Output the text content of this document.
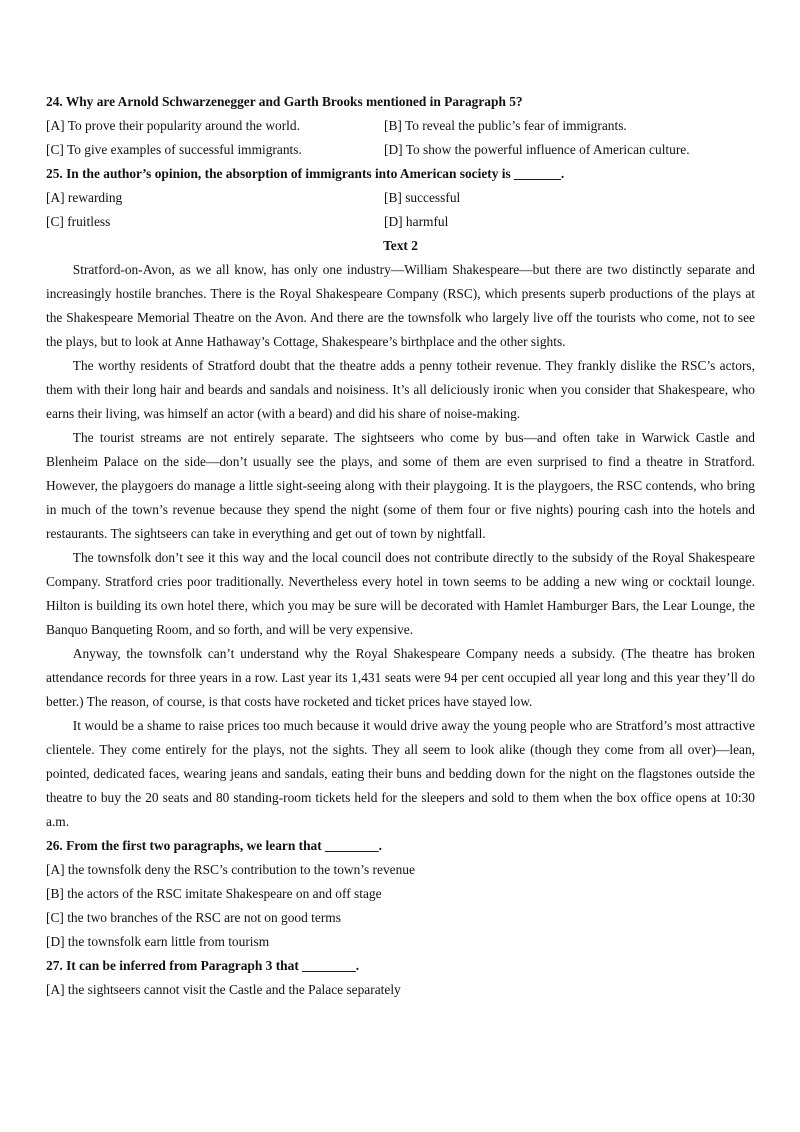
24. Why are Arnold Schwarzenegger and Garth Brooks mentioned in Paragraph 5?
[A] To prove their popularity around the world.	[B] To reveal the public’s fear of immigrants.
[C] To give examples of successful immigrants.	[D] To show the powerful influence of American culture.
25. In the author’s opinion, the absorption of immigrants into American society is _______.
[A] rewarding	[B] successful
[C] fruitless	[D] harmful
Text 2
Stratford-on-Avon, as we all know, has only one industry—William Shakespeare—but there are two distinctly separate and increasingly hostile branches. There is the Royal Shakespeare Company (RSC), which presents superb productions of the plays at the Shakespeare Memorial Theatre on the Avon. And there are the townsfolk who largely live off the tourists who come, not to see the plays, but to look at Anne Hathaway’s Cottage, Shakespeare’s birthplace and the other sights.
The worthy residents of Stratford doubt that the theatre adds a penny totheir revenue. They frankly dislike the RSC’s actors, them with their long hair and beards and sandals and noisiness. It’s all deliciously ironic when you consider that Shakespeare, who earns their living, was himself an actor (with a beard) and did his share of noise-making.
The tourist streams are not entirely separate. The sightseers who come by bus—and often take in Warwick Castle and Blenheim Palace on the side—don’t usually see the plays, and some of them are even surprised to find a theatre in Stratford. However, the playgoers do manage a little sight-seeing along with their playgoing. It is the playgoers, the RSC contends, who bring in much of the town’s revenue because they spend the night (some of them four or five nights) pouring cash into the hotels and restaurants. The sightseers can take in everything and get out of town by nightfall.
The townsfolk don’t see it this way and the local council does not contribute directly to the subsidy of the Royal Shakespeare Company. Stratford cries poor traditionally. Nevertheless every hotel in town seems to be adding a new wing or cocktail lounge. Hilton is building its own hotel there, which you may be sure will be decorated with Hamlet Hamburger Bars, the Lear Lounge, the Banquo Banqueting Room, and so forth, and will be very expensive.
Anyway, the townsfolk can’t understand why the Royal Shakespeare Company needs a subsidy. (The theatre has broken attendance records for three years in a row. Last year its 1,431 seats were 94 per cent occupied all year long and this year they’ll do better.) The reason, of course, is that costs have rocketed and ticket prices have stayed low.
It would be a shame to raise prices too much because it would drive away the young people who are Stratford’s most attractive clientele. They come entirely for the plays, not the sights. They all seem to look alike (though they come from all over)—lean, pointed, dedicated faces, wearing jeans and sandals, eating their buns and bedding down for the night on the flagstones outside the theatre to buy the 20 seats and 80 standing-room tickets held for the sleepers and sold to them when the box office opens at 10:30 a.m.
26. From the first two paragraphs, we learn that ________.
[A] the townsfolk deny the RSC’s contribution to the town’s revenue
[B] the actors of the RSC imitate Shakespeare on and off stage
[C] the two branches of the RSC are not on good terms
[D] the townsfolk earn little from tourism
27. It can be inferred from Paragraph 3 that ________.
[A] the sightseers cannot visit the Castle and the Palace separately
